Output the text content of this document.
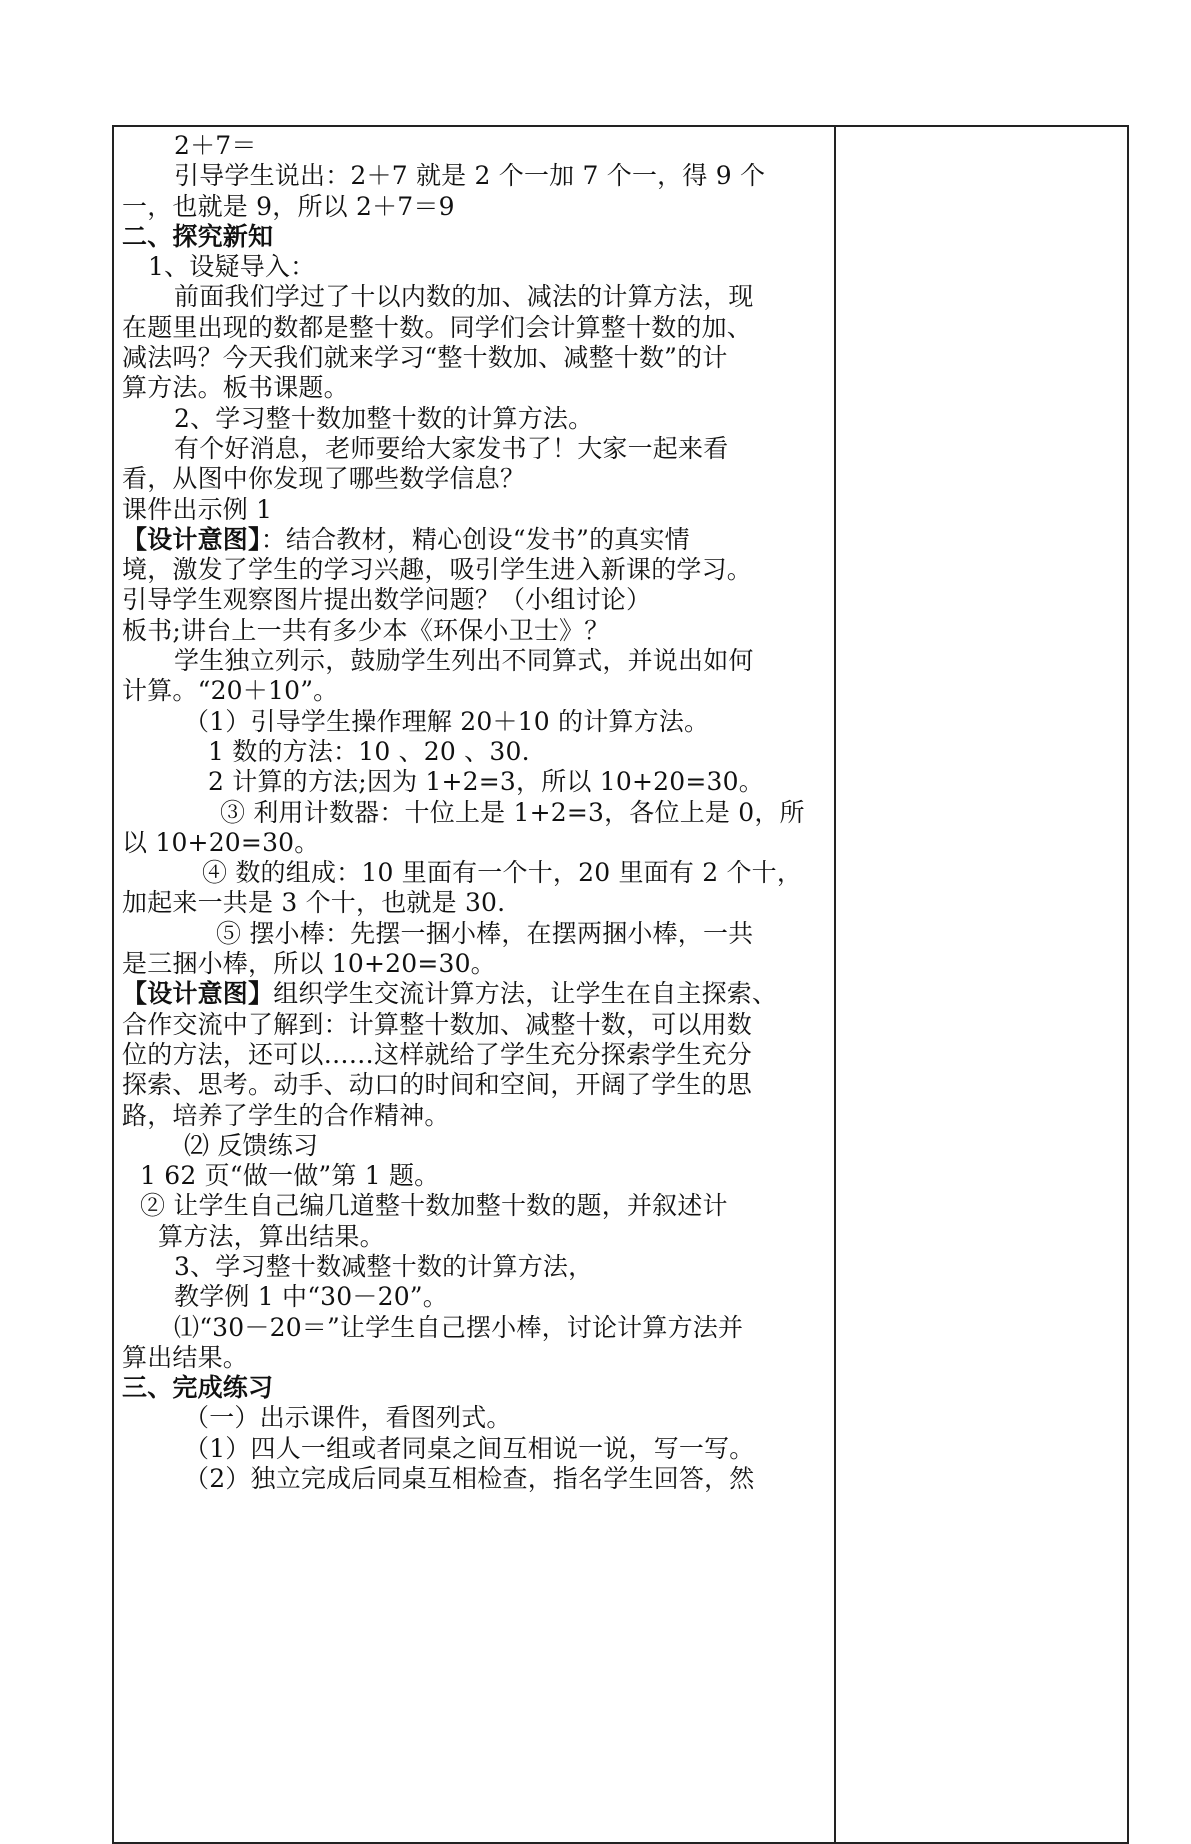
2＋7＝
引导学生说出：2＋7 就是 2 个一加 7 个一，得 9 个
一，也就是 9，所以 2＋7＝9
二、探究新知
1、设疑导入：
前面我们学过了十以内数的加、减法的计算方法，现
在题里出现的数都是整十数。同学们会计算整十数的加、
减法吗？今天我们就来学习“整十数加、减整十数”的计
算方法。板书课题。
2、学习整十数加整十数的计算方法。
有个好消息，老师要给大家发书了！大家一起来看
看，从图中你发现了哪些数学信息？
课件出示例 1
【设计意图】：结合教材，精心创设“发书”的真实情
境，激发了学生的学习兴趣，吸引学生进入新课的学习。
引导学生观察图片提出数学问题？（小组讨论）
板书;讲台上一共有多少本《环保小卫士》？
学生独立列示，鼓励学生列出不同算式，并说出如何
计算。“20＋10”。
（1）引导学生操作理解 20＋10 的计算方法。
1 数的方法：10 、20 、30.
2 计算的方法;因为 1+2=3，所以 10+20=30。
③ 利用计数器：十位上是 1+2=3，各位上是 0，所
以 10+20=30。
④ 数的组成：10 里面有一个十，20 里面有 2 个十，
加起来一共是 3 个十，也就是 30.
⑤ 摆小棒：先摆一捆小棒，在摆两捆小棒，一共
是三捆小棒，所以 10+20=30。
【设计意图】组织学生交流计算方法，让学生在自主探索、
合作交流中了解到：计算整十数加、减整十数，可以用数
位的方法，还可以……这样就给了学生充分探索学生充分
探索、思考。动手、动口的时间和空间，开阔了学生的思
路，培养了学生的合作精神。
⑵ 反馈练习
1 62 页“做一做”第 1 题。
② 让学生自己编几道整十数加整十数的题，并叙述计
算方法，算出结果。
3、学习整十数减整十数的计算方法，
教学例 1 中“30－20”。
⑴“30－20＝”让学生自己摆小棒，讨论计算方法并
算出结果。
三、完成练习
（一）出示课件，看图列式。
（1）四人一组或者同桌之间互相说一说，写一写。
（2）独立完成后同桌互相检查，指名学生回答，然
